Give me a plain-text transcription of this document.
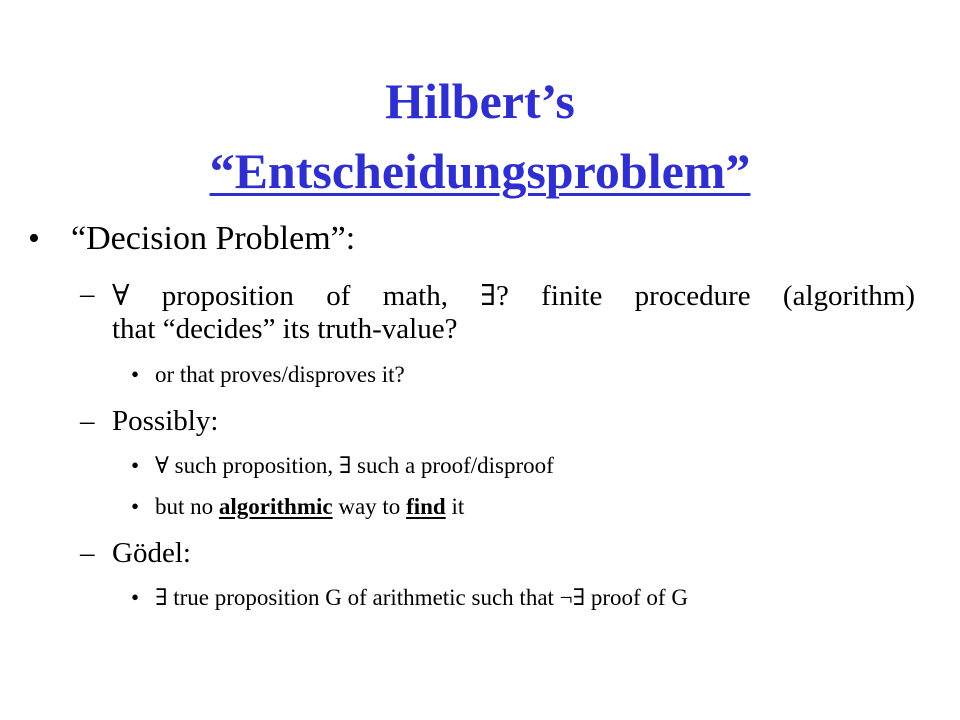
Hilbert’s
“Entscheidungsproblem”
• “Decision Problem”:
– ∀ proposition of math, ∃? finite procedure (algorithm)
that “decides” its truth-value?
• or that proves/disproves it?
– Possibly:
• ∀ such proposition, ∃ such a proof/disproof
• but no algorithmic way to find it
– Gödel:
• ∃ true proposition G of arithmetic such that ¬∃ proof of G
